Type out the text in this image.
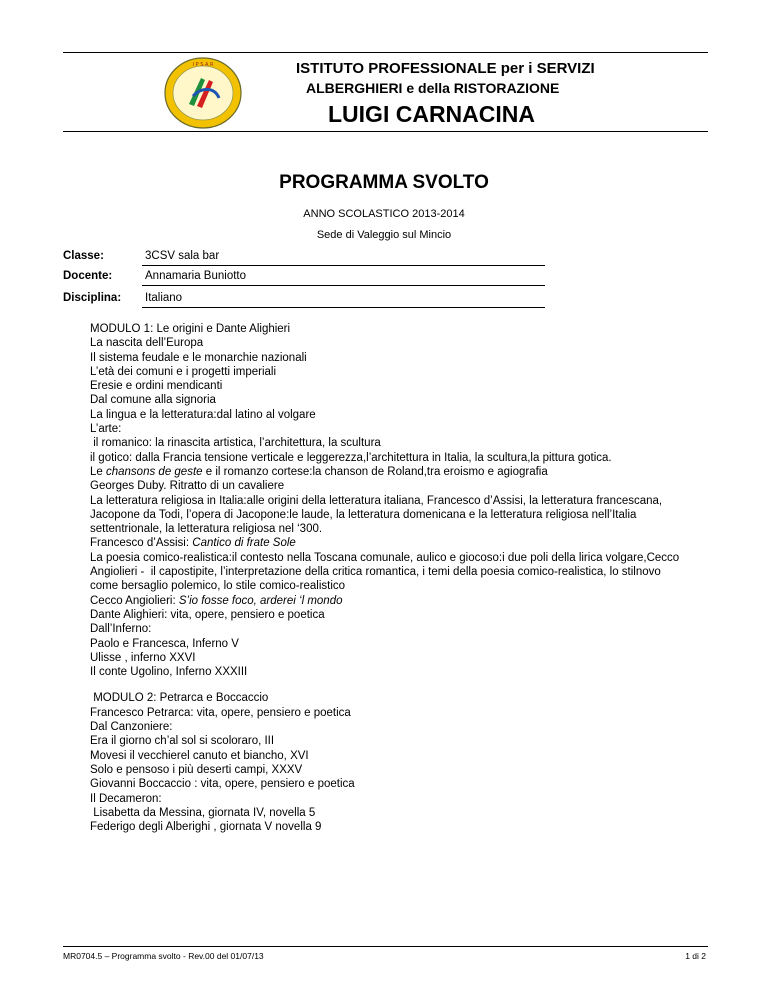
I P S A R	ISTITUTO PROFESSIONALE per i SERVIZI
ALBERGHIERI e della RISTORAZIONE
LUIGI CARNACINA
PROGRAMMA SVOLTO
ANNO SCOLASTICO 2013-2014
Sede di Valeggio sul Mincio
Classe:	3CSV sala bar
Docente:	Annamaria Buniotto
Disciplina: Italiano
MODULO 1: Le origini e Dante Alighieri
La nascita dell’Europa
Il sistema feudale e le monarchie nazionali
L’età dei comuni e i progetti imperiali
Eresie e ordini mendicanti
Dal comune alla signoria
La lingua e la letteratura:dal latino al volgare
L’arte:
il romanico: la rinascita artistica, l’architettura, la scultura
il gotico: dalla Francia tensione verticale e leggerezza,l’architettura in Italia, la scultura,la pittura gotica.
Le chansons de geste e il romanzo cortese:la chanson de Roland,tra eroismo e agiografia
Georges Duby. Ritratto di un cavaliere
La letteratura religiosa in Italia:alle origini della letteratura italiana, Francesco d’Assisi, la letteratura francescana,
Jacopone da Todi, l’opera di Jacopone:le laude, la letteratura domenicana e la letteratura religiosa nell’Italia
settentrionale, la letteratura religiosa nel ‘300.
Francesco d’Assisi: Cantico di frate Sole
La poesia comico-realistica:il contesto nella Toscana comunale, aulico e giocoso:i due poli della lirica volgare,Cecco
Angiolieri -  il capostipite, l’interpretazione della critica romantica, i temi della poesia comico-realistica, lo stilnovo
come bersaglio polemico, lo stile comico-realistico
Cecco Angiolieri: S’io fosse foco, arderei ‘l mondo
Dante Alighieri: vita, opere, pensiero e poetica
Dall’Inferno:
Paolo e Francesca, Inferno V
Ulisse , inferno XXVI
Il conte Ugolino, Inferno XXXIII
MODULO 2: Petrarca e Boccaccio
Francesco Petrarca: vita, opere, pensiero e poetica
Dal Canzoniere:
Era il giorno ch’al sol si scoloraro, III
Movesi il vecchierel canuto et biancho, XVI
Solo e pensoso i più deserti campi, XXXV
Giovanni Boccaccio : vita, opere, pensiero e poetica
Il Decameron:
Lisabetta da Messina, giornata IV, novella 5
Federigo degli Alberighi , giornata V novella 9
MR0704.5 – Programma svolto - Rev.00 del 01/07/13	1 di 2
